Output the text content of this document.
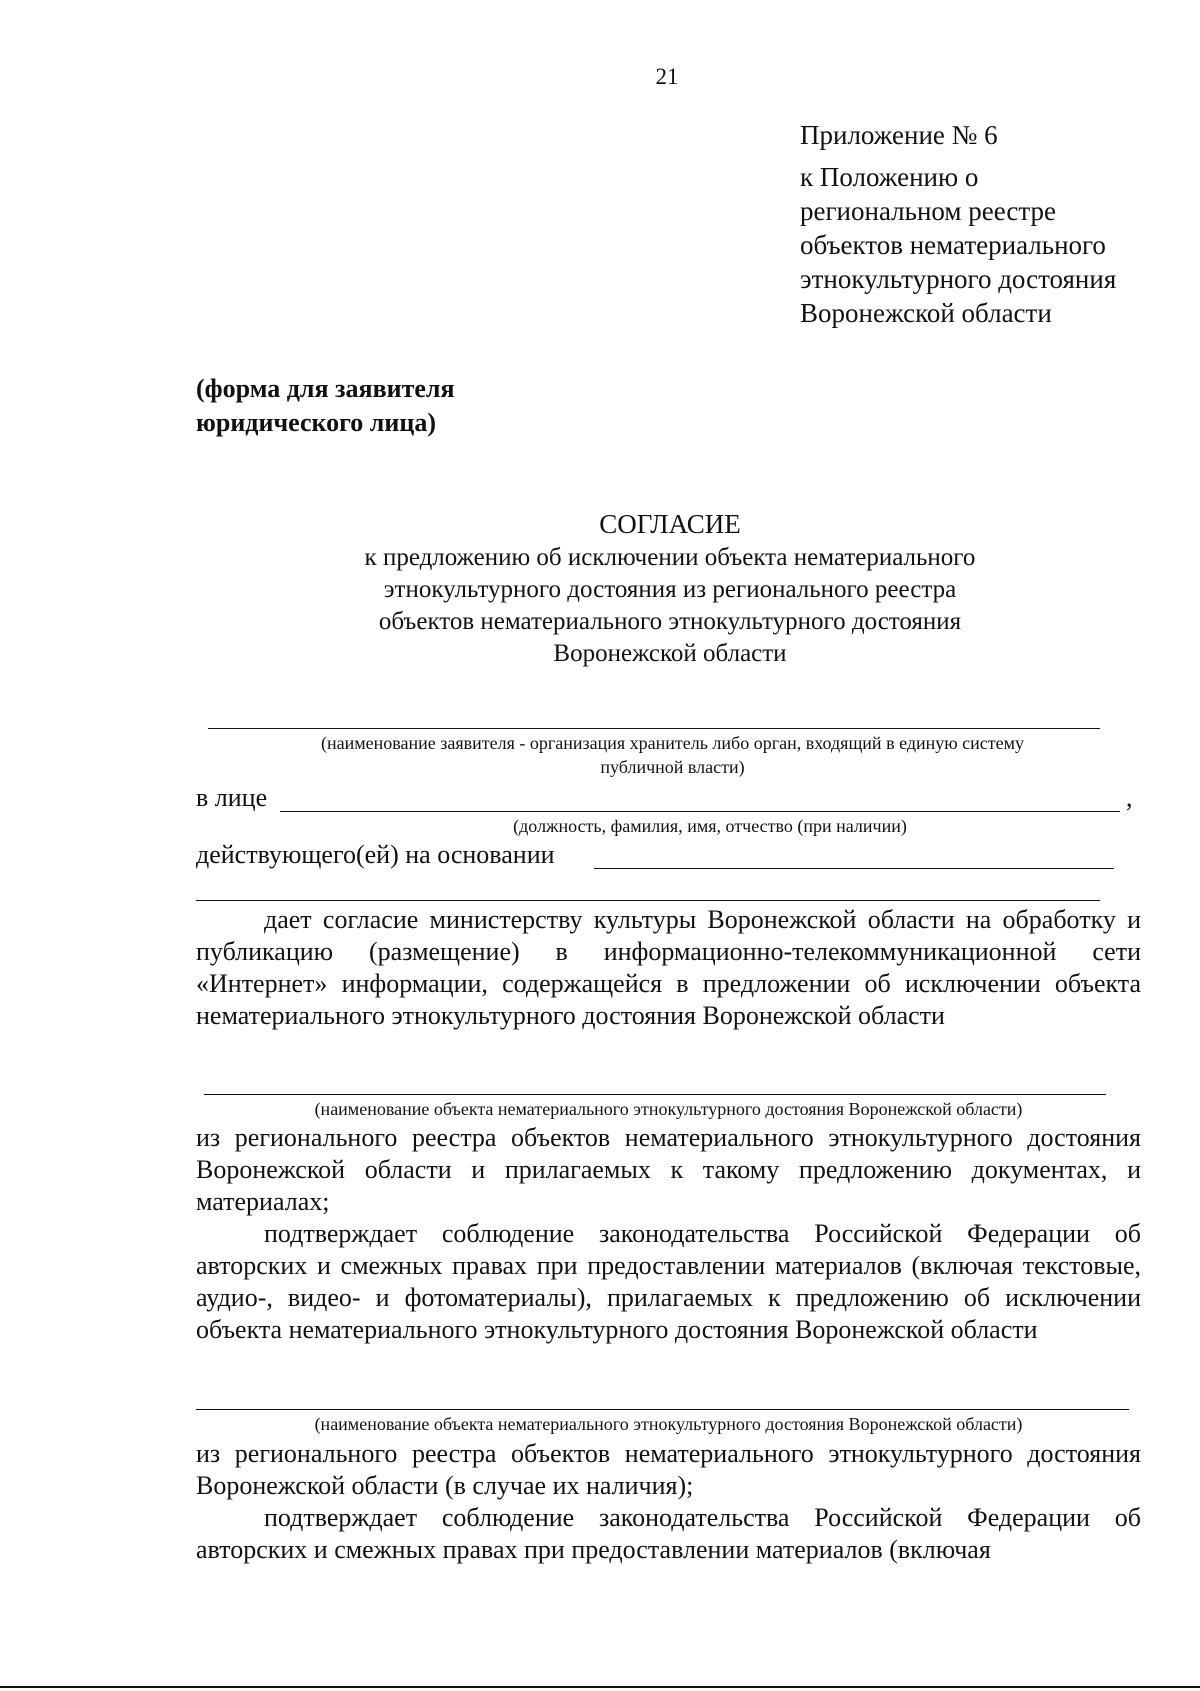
21
Приложение № 6
к Положению о
региональном реестре
объектов нематериального
этнокультурного достояния
Воронежской области
(форма для заявителя
юридического лица)
СОГЛАСИЕ
к предложению об исключении объекта нематериального
этнокультурного достояния из регионального реестра
объектов нематериального этнокультурного достояния
Воронежской области
(наименование заявителя - организация хранитель либо орган, входящий в единую систему
публичной власти)
в лице	,
(должность, фамилия, имя, отчество (при наличии)
действующего(ей) на основании
дает согласие министерству культуры Воронежской области на обработку и публикацию (размещение) в информационно-телекоммуникационной сети «Интернет» информации, содержащейся в предложении об исключении объекта нематериального этнокультурного достояния Воронежской области
(наименование объекта нематериального этнокультурного достояния Воронежской области)
из регионального реестра объектов нематериального этнокультурного достояния Воронежской области и прилагаемых к такому предложению документах, и материалах;
подтверждает соблюдение законодательства Российской Федерации об авторских и смежных правах при предоставлении материалов (включая текстовые, аудио-, видео- и фотоматериалы), прилагаемых к предложению об исключении объекта нематериального этнокультурного достояния Воронежской области
(наименование объекта нематериального этнокультурного достояния Воронежской области)
из регионального реестра объектов нематериального этнокультурного достояния Воронежской области (в случае их наличия);
подтверждает соблюдение законодательства Российской Федерации об авторских и смежных правах при предоставлении материалов (включая
